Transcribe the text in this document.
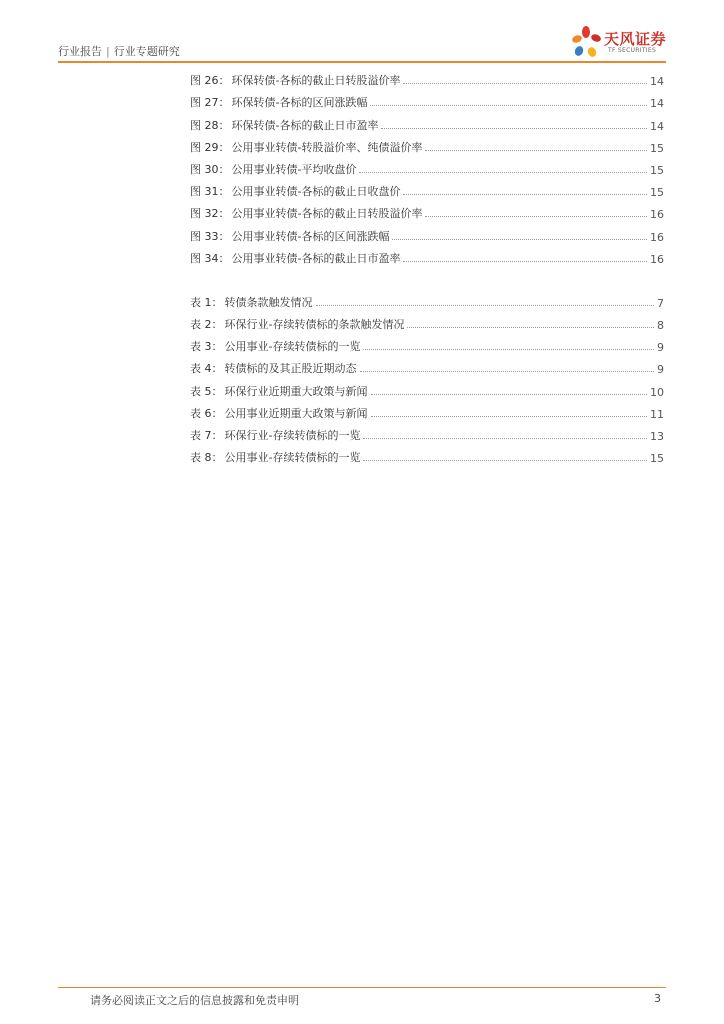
行业报告 | 行业专题研究
天风证券
TF SECURITIES
图 26： 环保转债-各标的截止日转股溢价率	14
图 27： 环保转债-各标的区间涨跌幅	14
图 28： 环保转债-各标的截止日市盈率	14
图 29： 公用事业转债-转股溢价率、纯债溢价率	15
图 30： 公用事业转债-平均收盘价	15
图 31： 公用事业转债-各标的截止日收盘价	15
图 32： 公用事业转债-各标的截止日转股溢价率	16
图 33： 公用事业转债-各标的区间涨跌幅	16
图 34： 公用事业转债-各标的截止日市盈率	16
表 1： 转债条款触发情况	7
表 2： 环保行业-存续转债标的条款触发情况	8
表 3： 公用事业-存续转债标的一览	9
表 4： 转债标的及其正股近期动态	9
表 5： 环保行业近期重大政策与新闻	10
表 6： 公用事业近期重大政策与新闻	11
表 7： 环保行业-存续转债标的一览	13
表 8： 公用事业-存续转债标的一览	15
请务必阅读正文之后的信息披露和免责申明	3
